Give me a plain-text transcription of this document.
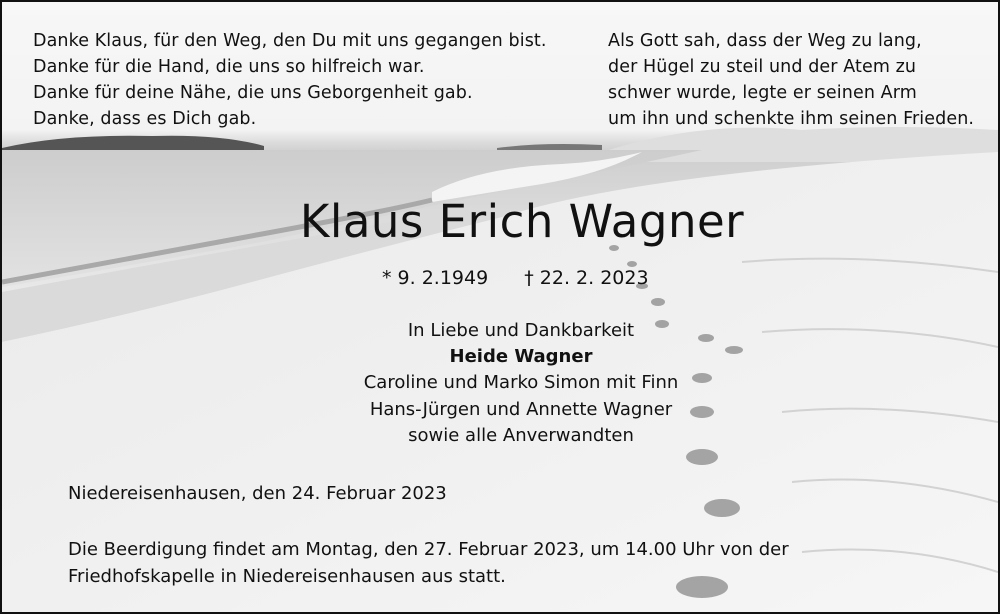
Danke Klaus, für den Weg, den Du mit uns gegangen bist.
Danke für die Hand, die uns so hilfreich war.
Danke für deine Nähe, die uns Geborgenheit gab.
Danke, dass es Dich gab.
Als Gott sah, dass der Weg zu lang,
der Hügel zu steil und der Atem zu
schwer wurde, legte er seinen Arm
um ihn und schenkte ihm seinen Frieden.
Klaus Erich Wagner
* 9. 2.1949 † 22. 2. 2023
In Liebe und Dankbarkeit
Heide Wagner
Caroline und Marko Simon mit Finn
Hans-Jürgen und Annette Wagner
sowie alle Anverwandten
Niedereisenhausen, den 24. Februar 2023
Die Beerdigung findet am Montag, den 27. Februar 2023, um 14.00 Uhr von der
Friedhofskapelle in Niedereisenhausen aus statt.
